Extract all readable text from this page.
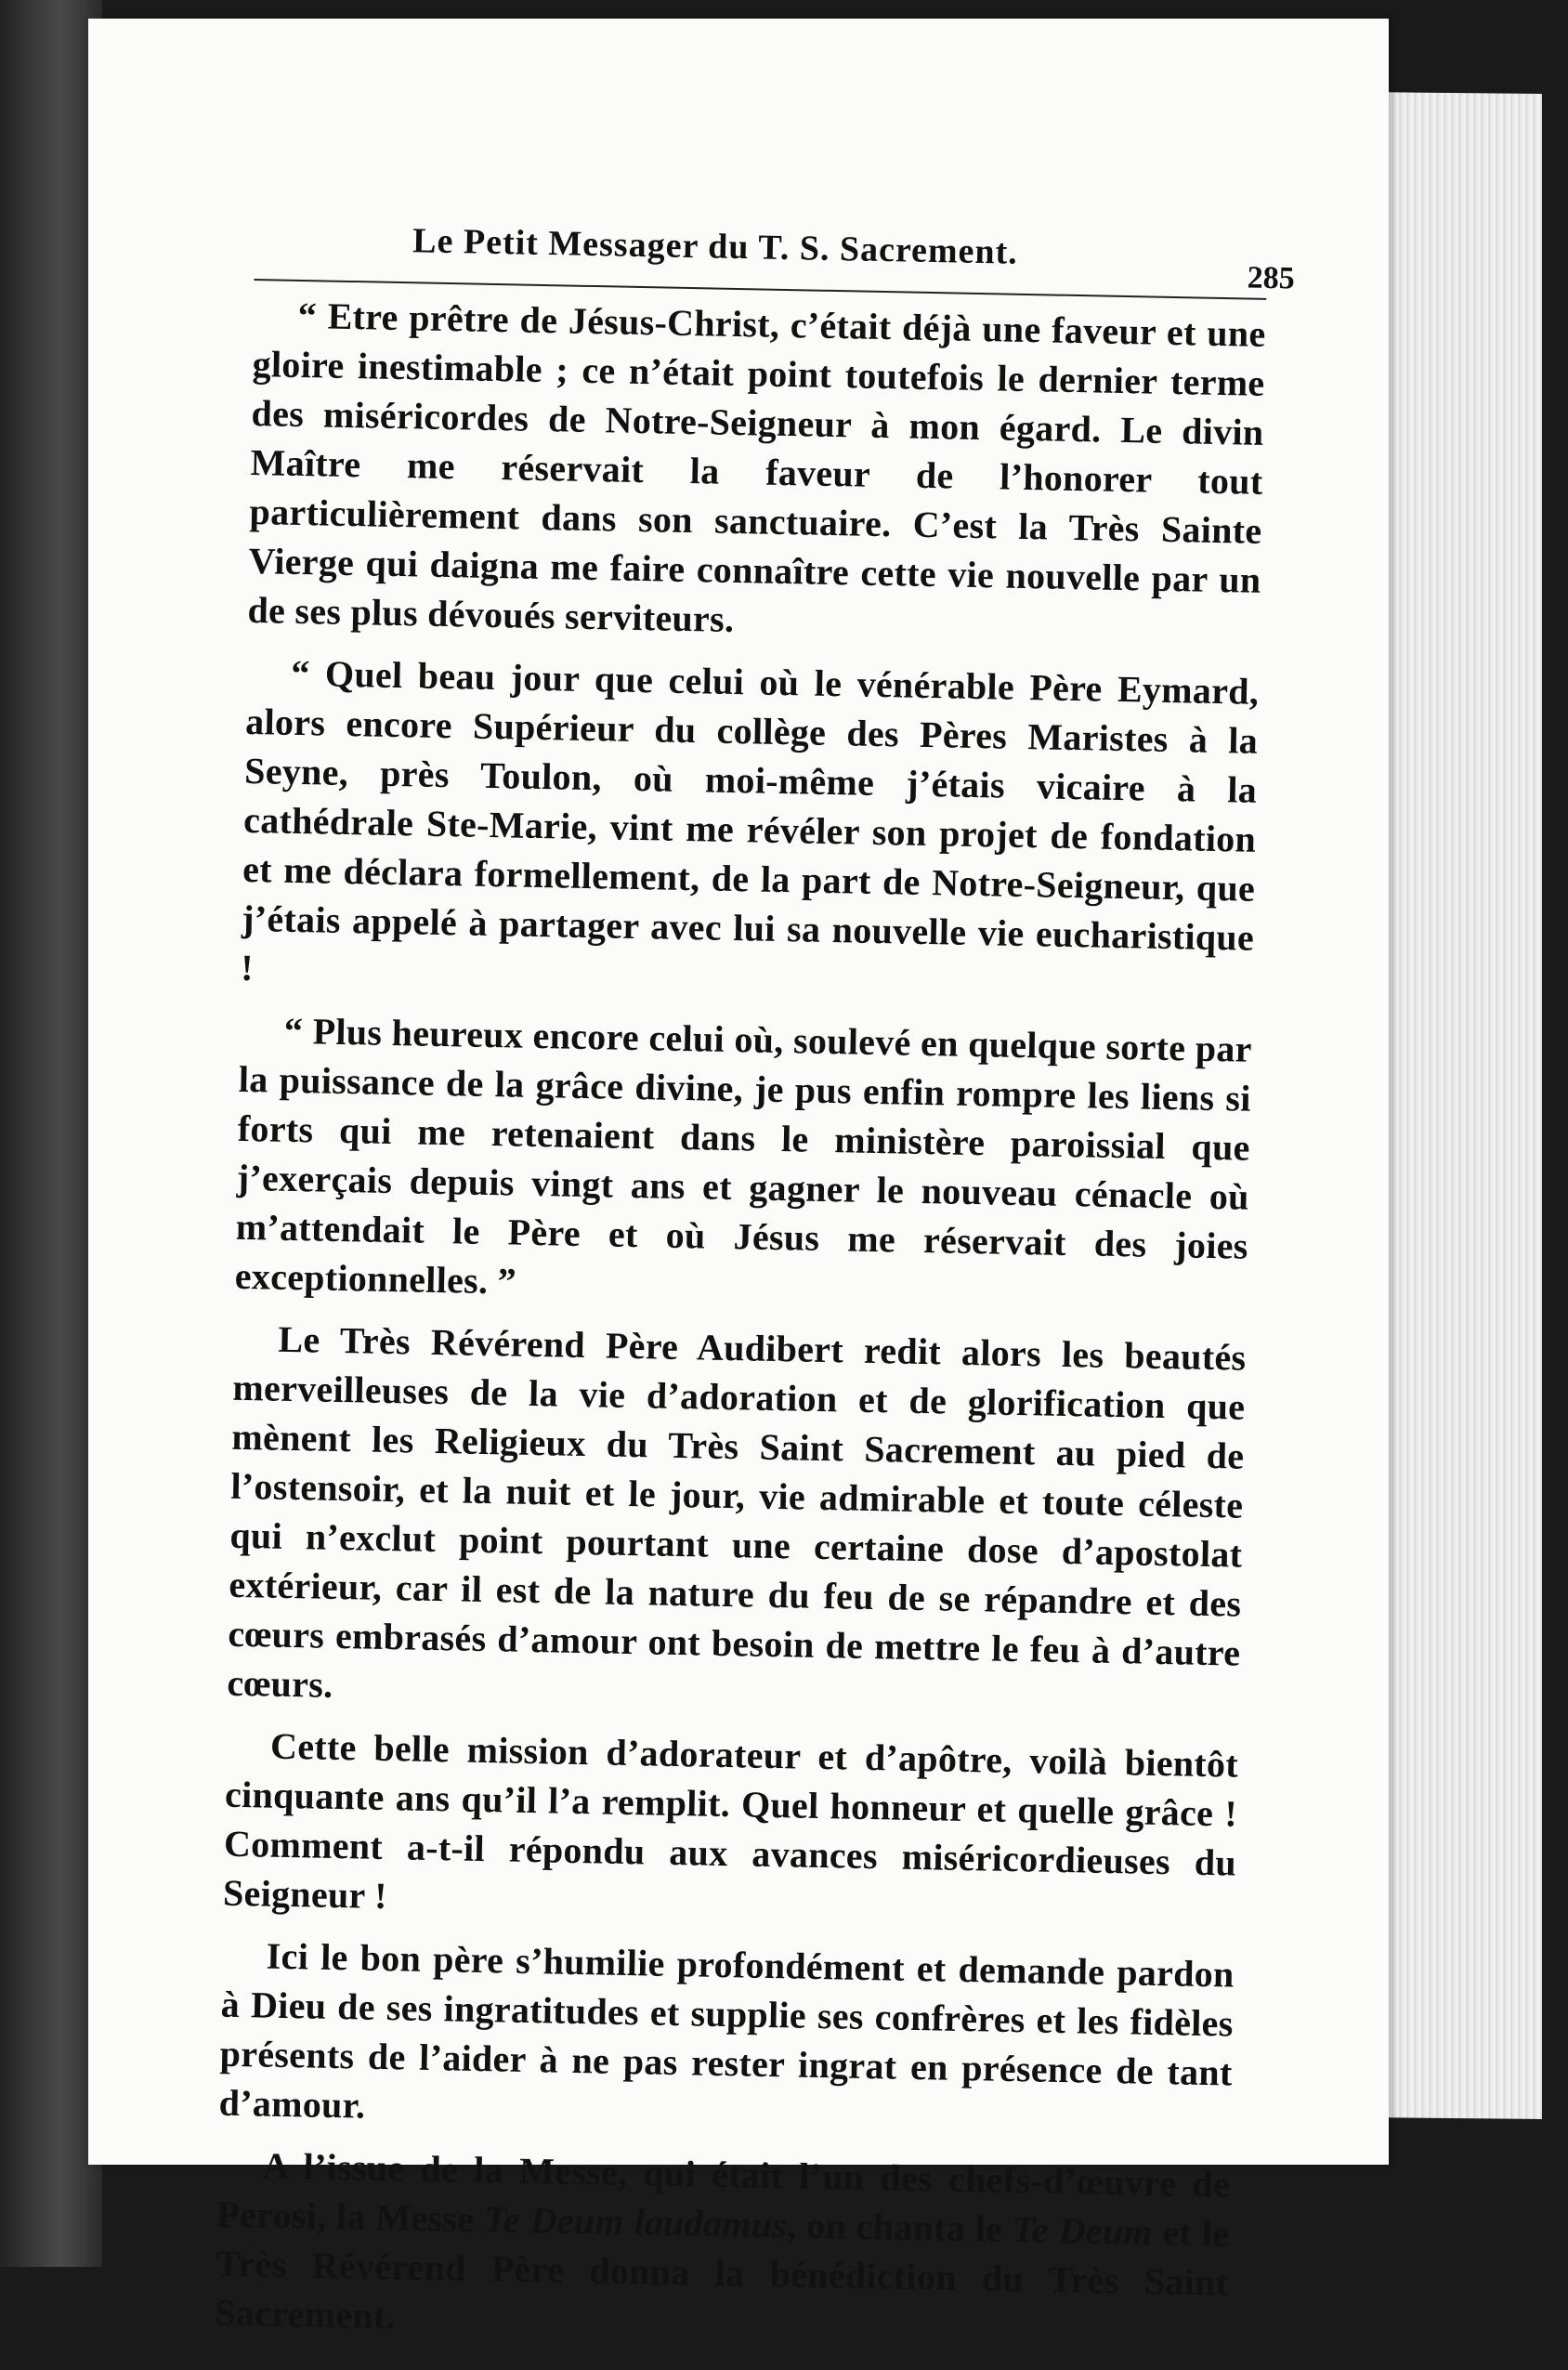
Le Petit Messager du T. S. Sacrement.
285

“ Etre prêtre de Jésus-Christ, c’était déjà une faveur et une gloire inestimable ; ce n’était point toutefois le dernier terme des miséricordes de Notre-Seigneur à mon égard. Le divin Maître me réservait la faveur de l’honorer tout particulièrement dans son sanctuaire. C’est la Très Sainte Vierge qui daigna me faire connaître cette vie nouvelle par un de ses plus dévoués serviteurs.

“ Quel beau jour que celui où le vénérable Père Eymard, alors encore Supérieur du collège des Pères Maristes à la Seyne, près Toulon, où moi-même j’étais vicaire à la cathédrale Ste-Marie, vint me révéler son projet de fondation et me déclara formellement, de la part de Notre-Seigneur, que j’étais appelé à partager avec lui sa nouvelle vie eucharistique !

“ Plus heureux encore celui où, soulevé en quelque sorte par la puissance de la grâce divine, je pus enfin rompre les liens si forts qui me retenaient dans le ministère paroissial que j’exerçais depuis vingt ans et gagner le nouveau cénacle où m’attendait le Père et où Jésus me réservait des joies exceptionnelles. ”

Le Très Révérend Père Audibert redit alors les beautés merveilleuses de la vie d’adoration et de glorification que mènent les Religieux du Très Saint Sacrement au pied de l’ostensoir, et la nuit et le jour, vie admirable et toute céleste qui n’exclut point pourtant une certaine dose d’apostolat extérieur, car il est de la nature du feu de se répandre et des cœurs embrasés d’amour ont besoin de mettre le feu à d’autre cœurs.

Cette belle mission d’adorateur et d’apôtre, voilà bientôt cinquante ans qu’il l’a remplit. Quel honneur et quelle grâce ! Comment a-t-il répondu aux avances miséricordieuses du Seigneur !

Ici le bon père s’humilie profondément et demande pardon à Dieu de ses ingratitudes et supplie ses confrères et les fidèles présents de l’aider à ne pas rester ingrat en présence de tant d’amour.

A l’issue de la Messe, qui était l’un des chefs-d’œuvre de Perosi, la Messe Te Deum laudamus, on chanta le Te Deum et le Très Révérend Père donna la bénédiction du Très Saint Sacrement.
